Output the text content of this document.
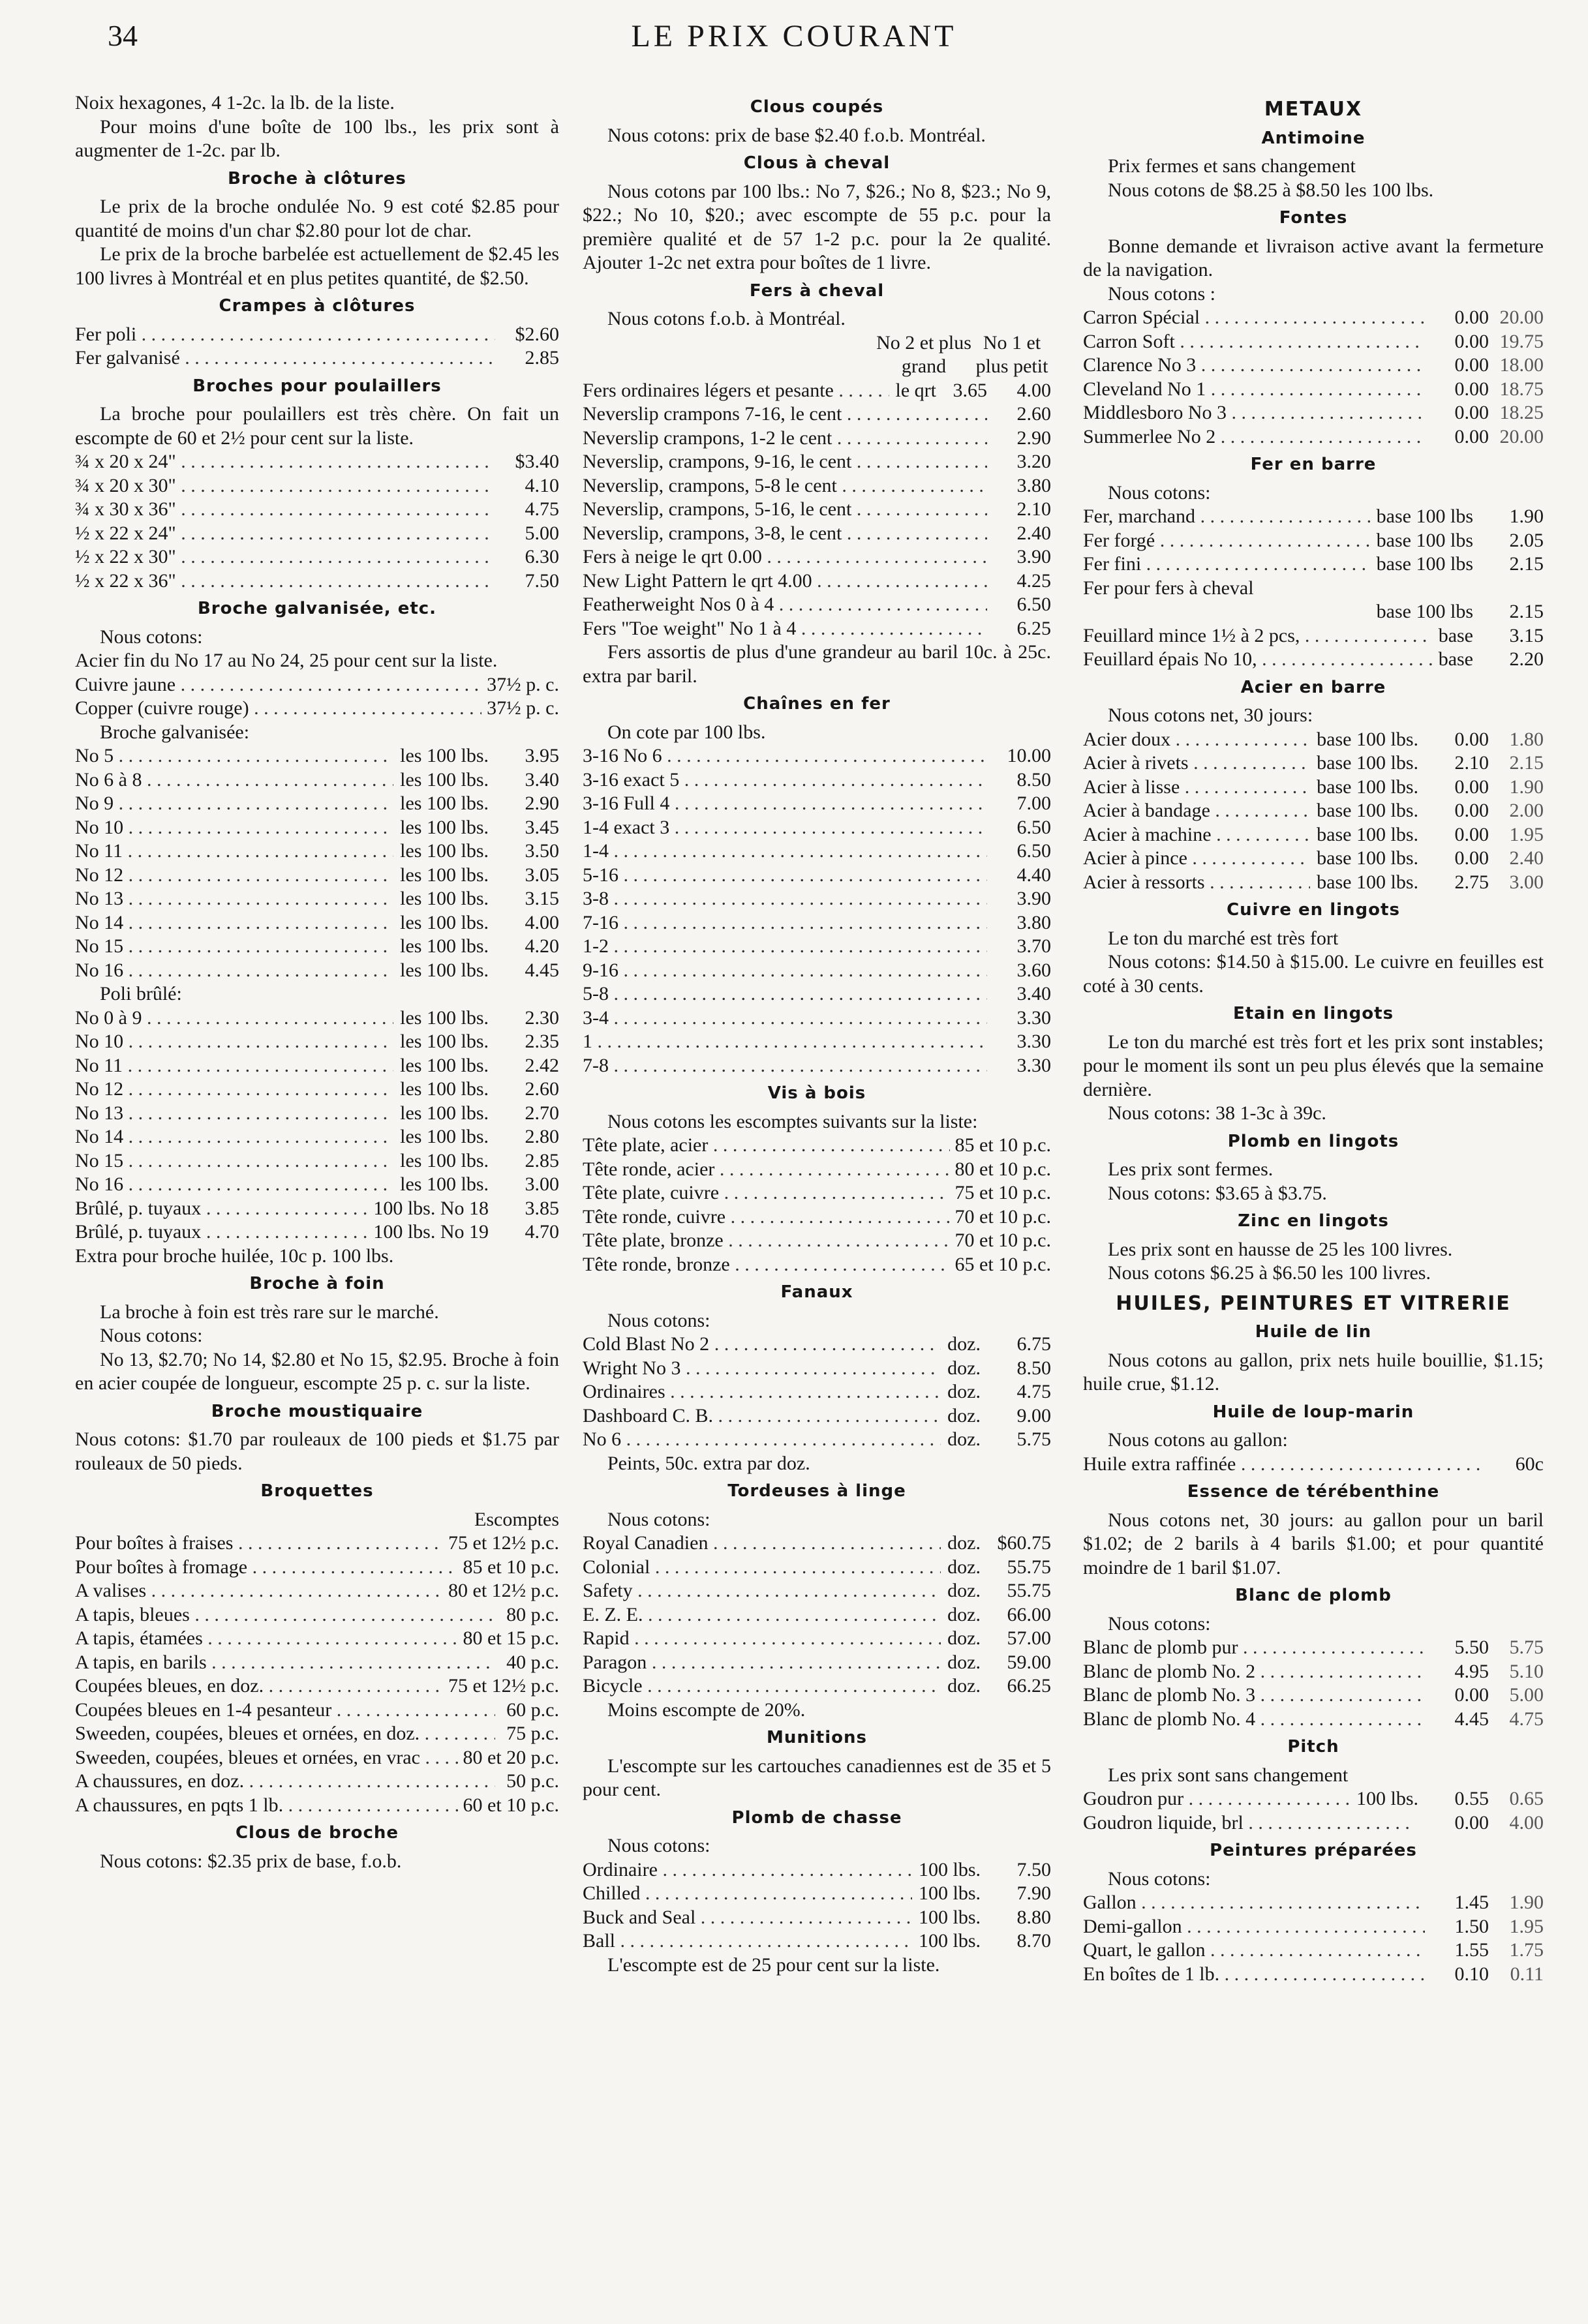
34	LE PRIX COURANT
Noix hexagones, 4 1-2c. la lb. de la liste.
Pour moins d'une boîte de 100 lbs., les prix sont à augmenter de 1-2c. par lb.
Broche à clôtures
Le prix de la broche ondulée No. 9 est coté $2.85 pour quantité de moins d'un char $2.80 pour lot de char.
Le prix de la broche barbelée est actuellement de $2.45 les 100 livres à Montréal et en plus petites quantité, de $2.50.
Crampes à clôtures
Fer poli . . .	$2.60
Fer galvanisé . . .	2.85
Broches pour poulaillers
La broche pour poulaillers est très chère. On fait un escompte de 60 et 2½ pour cent sur la liste.
¾ x 20 x 24" . . .	$3.40
¾ x 20 x 30" . . .	4.10
¾ x 30 x 36" . . .	4.75
½ x 22 x 24" . . .	5.00
½ x 22 x 30" . . .	6.30
½ x 22 x 36" . . .	7.50
Broche galvanisée, etc.
Nous cotons:
Acier fin du No 17 au No 24, 25 pour cent sur la liste.
Cuivre jaune . . .	37½ p. c.
Copper (cuivre rouge) . . .	37½ p. c.
Broche galvanisée:
No 5 . . .	les 100 lbs.	3.95
No 6 à 8 . . .	les 100 lbs.	3.40
No 9 . . .	les 100 lbs.	2.90
No 10 . . .	les 100 lbs.	3.45
No 11 . . .	les 100 lbs.	3.50
No 12 . . .	les 100 lbs.	3.05
No 13 . . .	les 100 lbs.	3.15
No 14 . . .	les 100 lbs.	4.00
No 15 . . .	les 100 lbs.	4.20
No 16 . . .	les 100 lbs.	4.45
Poli brûlé:
No 0 à 9 . . .	les 100 lbs.	2.30
No 10 . . .	les 100 lbs.	2.35
No 11 . . .	les 100 lbs.	2.42
No 12 . . .	les 100 lbs.	2.60
No 13 . . .	les 100 lbs.	2.70
No 14 . . .	les 100 lbs.	2.80
No 15 . . .	les 100 lbs.	2.85
No 16 . . .	les 100 lbs.	3.00
Brûlé, p. tuyaux . . .	100 lbs. No 18	3.85
Brûlé, p. tuyaux . . .	100 lbs. No 19	4.70
Extra pour broche huilée, 10c p. 100 lbs.
Broche à foin
La broche à foin est très rare sur le marché.
Nous cotons:
No 13, $2.70; No 14, $2.80 et No 15, $2.95. Broche à foin en acier coupée de longueur, escompte 25 p. c. sur la liste.
Broche moustiquaire
Nous cotons: $1.70 par rouleaux de 100 pieds et $1.75 par rouleaux de 50 pieds.
Broquettes
Escomptes
Pour boîtes à fraises . . .	75 et 12½ p.c.
Pour boîtes à fromage . . .	85 et 10 p.c.
A valises . . .	80 et 12½ p.c.
A tapis, bleues . . .	80 p.c.
A tapis, étamées . . .	80 et 15 p.c.
A tapis, en barils . . .	40 p.c.
Coupées bleues, en doz. . . .	75 et 12½ p.c.
Coupées bleues en 1-4 pesanteur . . .	60 p.c.
Sweeden, coupées, bleues et ornées, en doz. . . .	75 p.c.
Sweeden, coupées, bleues et ornées, en vrac . . .	80 et 20 p.c.
A chaussures, en doz. . . .	50 p.c.
A chaussures, en pqts 1 lb. . . .	60 et 10 p.c.
Clous de broche
Nous cotons: $2.35 prix de base, f.o.b.
Clous coupés
Nous cotons: prix de base $2.40 f.o.b. Montréal.
Clous à cheval
Nous cotons par 100 lbs.: No 7, $26.; No 8, $23.; No 9, $22.; No 10, $20.; avec escompte de 55 p.c. pour la première qualité et de 57 1-2 p.c. pour la 2e qualité. Ajouter 1-2c net extra pour boîtes de 1 livre.
Fers à cheval
Nous cotons f.o.b. à Montréal.
No 2 et plus grand
No 1 et plus petit
Fers ordinaires légers et pesante . . .	le qrt 3.65	4.00
Neverslip crampons 7-16, le cent . . .	2.60
Neverslip crampons, 1-2 le cent . . .	2.90
Neverslip, crampons, 9-16, le cent . . .	3.20
Neverslip, crampons, 5-8 le cent . . .	3.80
Neverslip, crampons, 5-16, le cent . . .	2.10
Neverslip, crampons, 3-8, le cent . . .	2.40
Fers à neige le qrt 0.00 . . .	3.90
New Light Pattern le qrt 4.00 . . .	4.25
Featherweight Nos 0 à 4 . . .	6.50
Fers "Toe weight" No 1 à 4 . . .	6.25
Fers assortis de plus d'une grandeur au baril 10c. à 25c. extra par baril.
Chaînes en fer
On cote par 100 lbs.
3-16 No 6 . . .	10.00
3-16 exact 5 . . .	8.50
3-16 Full 4 . . .	7.00
1-4 exact 3 . . .	6.50
1-4 . . .	6.50
5-16 . . .	4.40
3-8 . . .	3.90
7-16 . . .	3.80
1-2 . . .	3.70
9-16 . . .	3.60
5-8 . . .	3.40
3-4 . . .	3.30
1 . . .	3.30
7-8 . . .	3.30
Vis à bois
Nous cotons les escomptes suivants sur la liste:
Tête plate, acier . . .	85 et 10 p.c.
Tête ronde, acier . . .	80 et 10 p.c.
Tête plate, cuivre . . .	75 et 10 p.c.
Tête ronde, cuivre . . .	70 et 10 p.c.
Tête plate, bronze . . .	70 et 10 p.c.
Tête ronde, bronze . . .	65 et 10 p.c.
Fanaux
Nous cotons:
Cold Blast No 2 . . .	doz.	6.75
Wright No 3 . . .	doz.	8.50
Ordinaires . . .	doz.	4.75
Dashboard C. B. . . .	doz.	9.00
No 6 . . .	doz.	5.75
Peints, 50c. extra par doz.
Tordeuses à linge
Nous cotons:
Royal Canadien . . .	doz. $60.75
Colonial . . .	doz.	55.75
Safety . . .	doz.	55.75
E. Z. E. . . .	doz.	66.00
Rapid . . .	doz.	57.00
Paragon . . .	doz.	59.00
Bicycle . . .	doz.	66.25
Moins escompte de 20%.
Munitions
L'escompte sur les cartouches canadiennes est de 35 et 5 pour cent.
Plomb de chasse
Nous cotons:
Ordinaire . . .	100 lbs.	7.50
Chilled . . .	100 lbs.	7.90
Buck and Seal . . .	100 lbs.	8.80
Ball . . .	100 lbs.	8.70
L'escompte est de 25 pour cent sur la liste.
METAUX
Antimoine
Prix fermes et sans changement
Nous cotons de $8.25 à $8.50 les 100 lbs.
Fontes
Bonne demande et livraison active avant la fermeture de la navigation.
Nous cotons :
Carron Spécial . . .	0.00 20.00
Carron Soft . . .	0.00 19.75
Clarence No 3 . . .	0.00 18.00
Cleveland No 1 . . .	0.00 18.75
Middlesboro No 3 . . .	0.00 18.25
Summerlee No 2 . . .	0.00 20.00
Fer en barre
Nous cotons:
Fer, marchand . . .	base 100 lbs	1.90
Fer forgé . . .	base 100 lbs	2.05
Fer fini . . .	base 100 lbs	2.15
Fer pour fers à cheval
base 100 lbs	2.15
Feuillard mince 1½ à 2 pcs, . . .	base	3.15
Feuillard épais No 10, . . .	base	2.20
Acier en barre
Nous cotons net, 30 jours:
Acier doux . . .	base 100 lbs.	0.00	1.80
Acier à rivets . . .	base 100 lbs.	2.10	2.15
Acier à lisse . . .	base 100 lbs.	0.00	1.90
Acier à bandage . . .	base 100 lbs.	0.00	2.00
Acier à machine . . .	base 100 lbs.	0.00	1.95
Acier à pince . . .	base 100 lbs.	0.00	2.40
Acier à ressorts . . .	base 100 lbs.	2.75	3.00
Cuivre en lingots
Le ton du marché est très fort
Nous cotons: $14.50 à $15.00. Le cuivre en feuilles est coté à 30 cents.
Etain en lingots
Le ton du marché est très fort et les prix sont instables; pour le moment ils sont un peu plus élevés que la semaine dernière.
Nous cotons: 38 1-3c à 39c.
Plomb en lingots
Les prix sont fermes.
Nous cotons: $3.65 à $3.75.
Zinc en lingots
Les prix sont en hausse de 25 les 100 livres.
Nous cotons $6.25 à $6.50 les 100 livres.
HUILES, PEINTURES ET VITRERIE
Huile de lin
Nous cotons au gallon, prix nets huile bouillie, $1.15; huile crue, $1.12.
Huile de loup-marin
Nous cotons au gallon:
Huile extra raffinée . . .	60c
Essence de térébenthine
Nous cotons net, 30 jours: au gallon pour un baril $1.02; de 2 barils à 4 barils $1.00; et pour quantité moindre de 1 baril $1.07.
Blanc de plomb
Nous cotons:
Blanc de plomb pur . . .	5.50	5.75
Blanc de plomb No. 2 . . .	4.95	5.10
Blanc de plomb No. 3 . . .	0.00	5.00
Blanc de plomb No. 4 . . .	4.45	4.75
Pitch
Les prix sont sans changement
Goudron pur . . .	100 lbs.	0.55	0.65
Goudron liquide, brl . . .	0.00	4.00
Peintures préparées
Nous cotons:
Gallon . . .	1.45	1.90
Demi-gallon . . .	1.50	1.95
Quart, le gallon . . .	1.55	1.75
En boîtes de 1 lb. . . .	0.10	0.11
